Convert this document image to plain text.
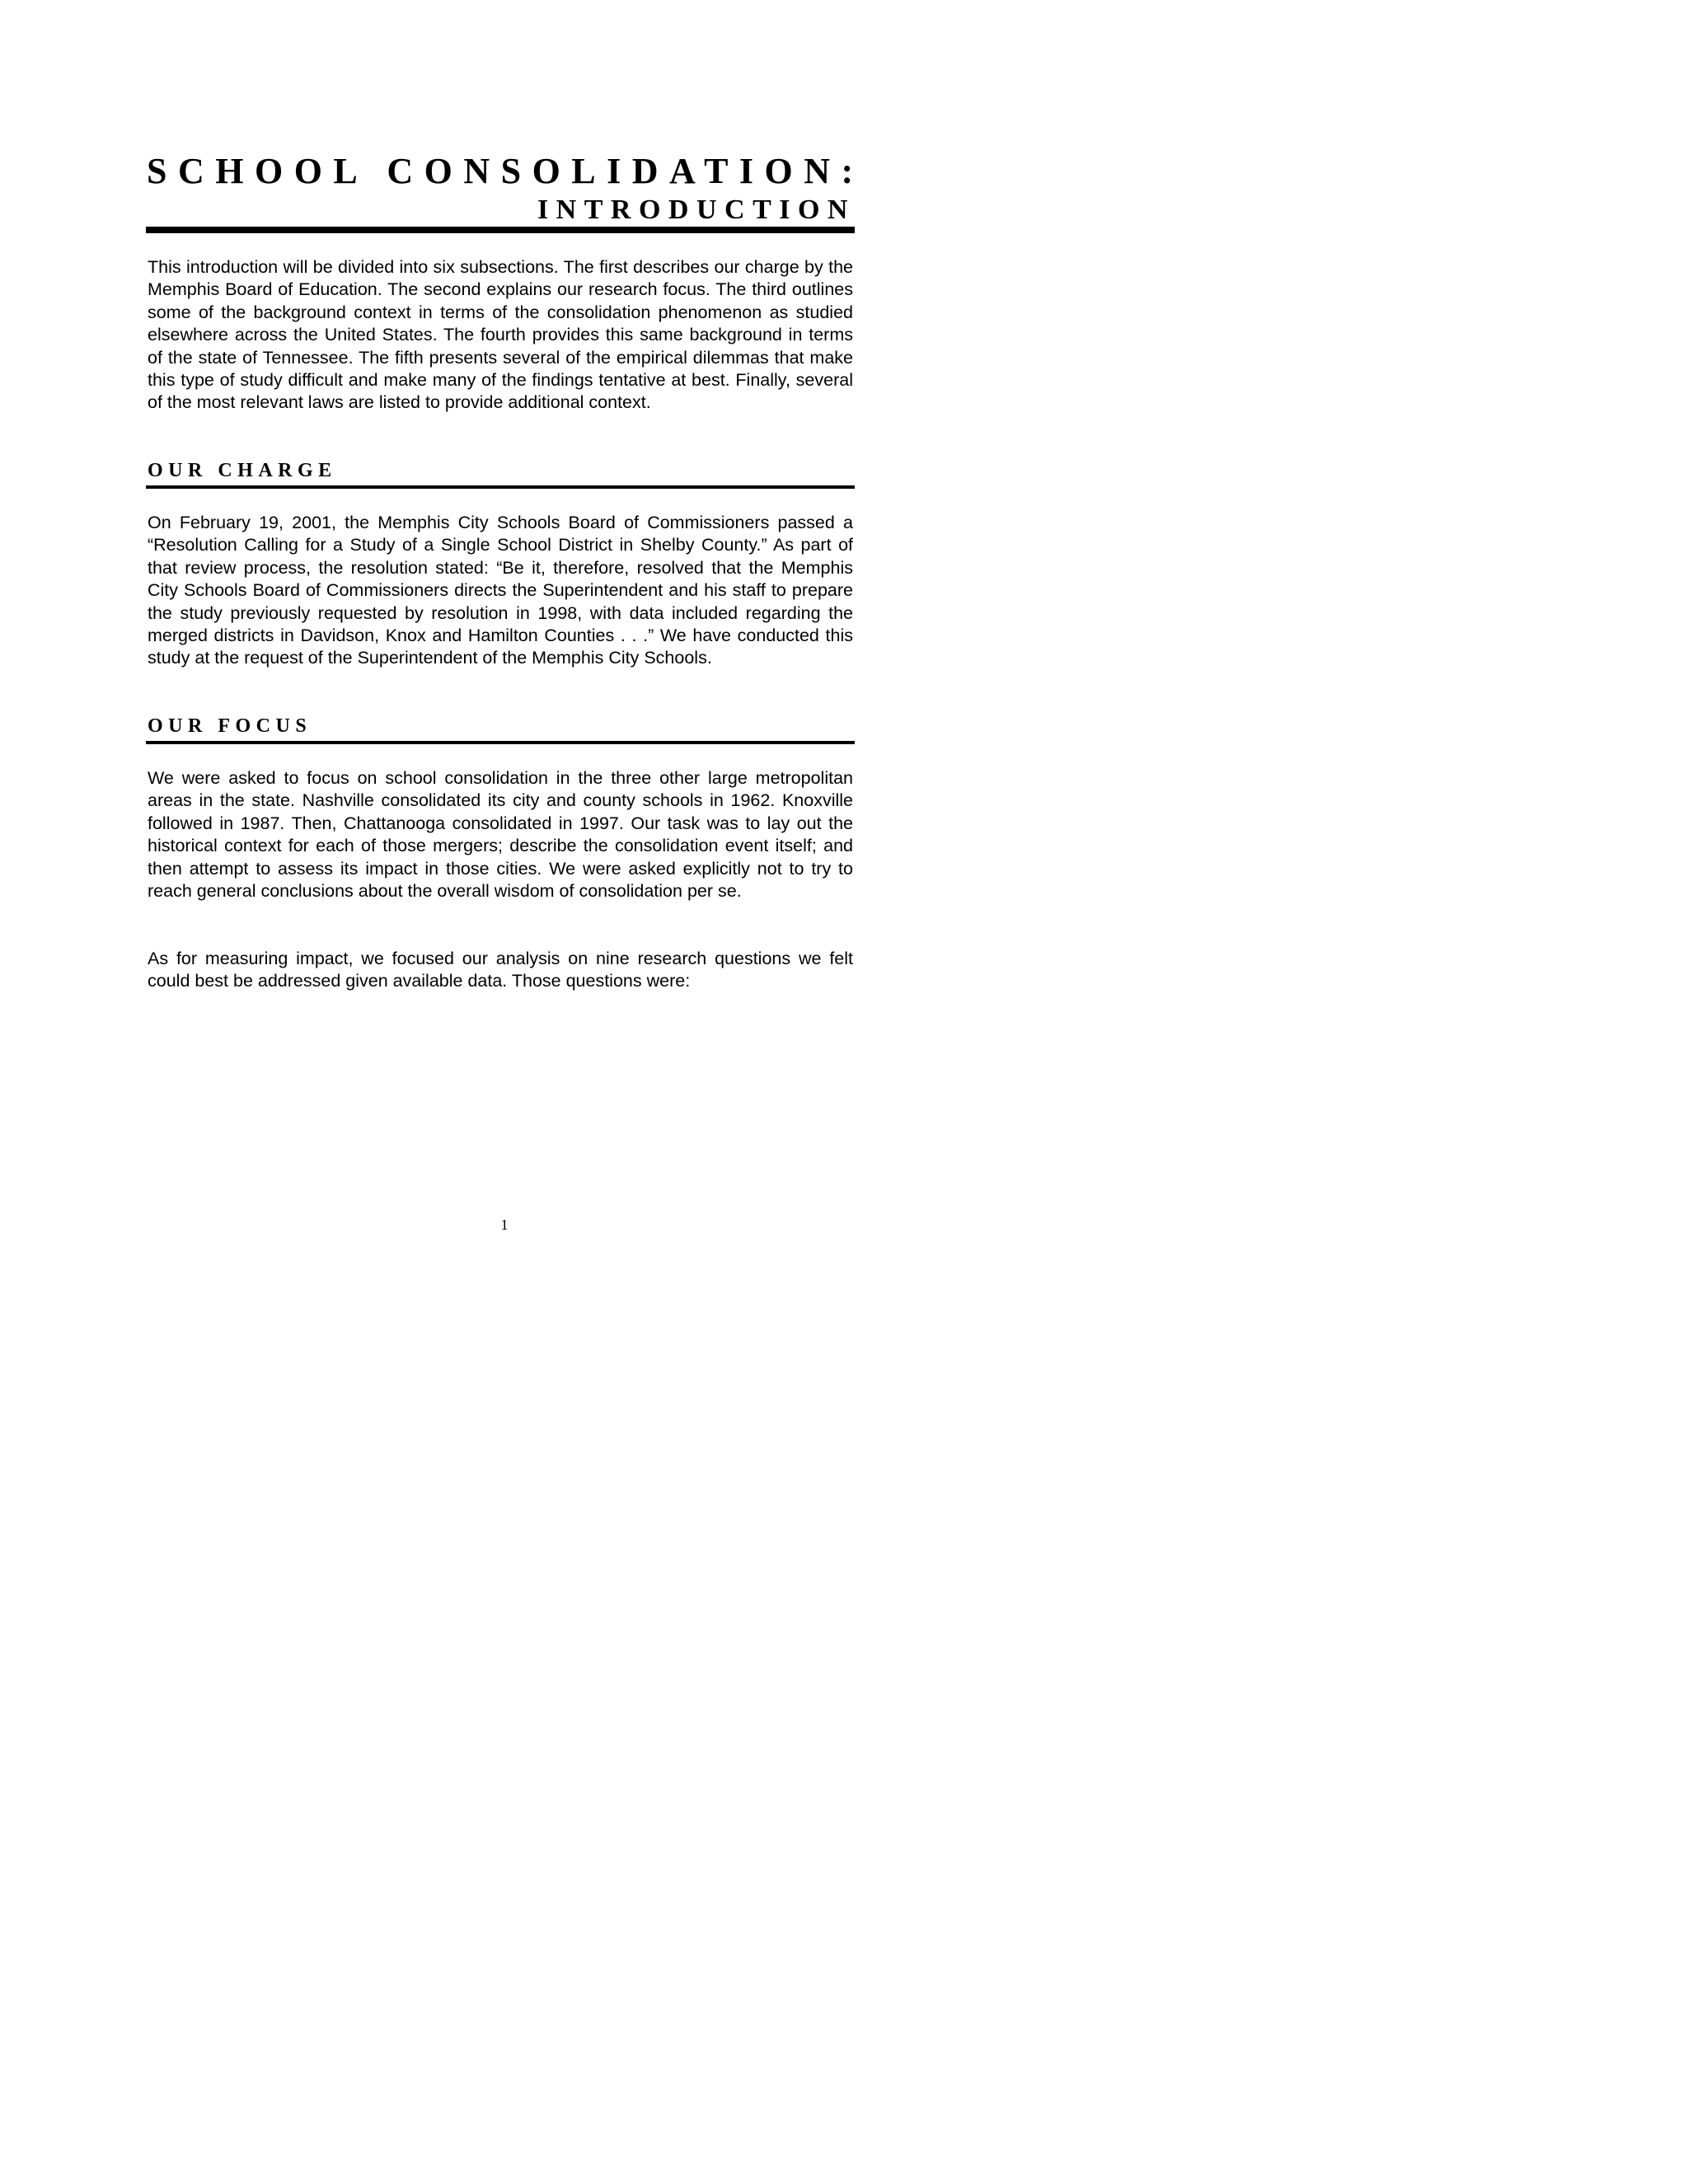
SCHOOL CONSOLIDATION:
INTRODUCTION

This introduction will be divided into six subsections. The first describes our charge by the Memphis Board of Education. The second explains our research focus. The third outlines some of the background context in terms of the consolidation phenomenon as studied elsewhere across the United States. The fourth provides this same background in terms of the state of Tennessee. The fifth presents several of the empirical dilemmas that make this type of study difficult and make many of the findings tentative at best. Finally, several of the most relevant laws are listed to provide additional context.

OUR CHARGE

On February 19, 2001, the Memphis City Schools Board of Commissioners passed a “Resolution Calling for a Study of a Single School District in Shelby County.” As part of that review process, the resolution stated: “Be it, therefore, resolved that the Memphis City Schools Board of Commissioners directs the Superintendent and his staff to prepare the study previously requested by resolution in 1998, with data included regarding the merged districts in Davidson, Knox and Hamilton Counties . . .” We have conducted this study at the request of the Superintendent of the Memphis City Schools.

OUR FOCUS

We were asked to focus on school consolidation in the three other large metropolitan areas in the state. Nashville consolidated its city and county schools in 1962. Knoxville followed in 1987. Then, Chattanooga consolidated in 1997. Our task was to lay out the historical context for each of those mergers; describe the consolidation event itself; and then attempt to assess its impact in those cities. We were asked explicitly not to try to reach general conclusions about the overall wisdom of consolidation per se.

As for measuring impact, we focused our analysis on nine research questions we felt could best be addressed given available data. Those questions were:

1
